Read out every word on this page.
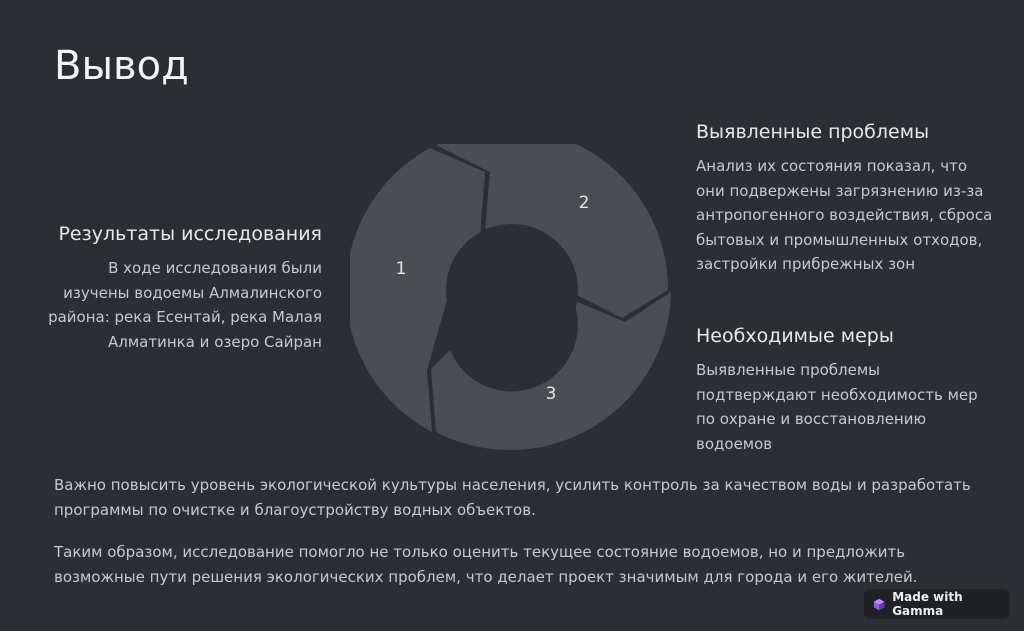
Вывод
Результаты исследования

В ходе исследования были изучены водоемы Алмалинского района: река Есентай, река Малая Алматинка и озеро Сайран

1
2
3
Выявленные проблемы

Анализ их состояния показал, что они подвержены загрязнению из-за антропогенного воздействия, сброса бытовых и промышленных отходов, застройки прибрежных зон

Необходимые меры

Выявленные проблемы подтверждают необходимость мер по охране и восстановлению водоемов

Важно повысить уровень экологической культуры населения, усилить контроль за качеством воды и разработать программы по очистке и благоустройству водных объектов.

Таким образом, исследование помогло не только оценить текущее состояние водоемов, но и предложить возможные пути решения экологических проблем, что делает проект значимым для города и его жителей.

Made with Gamma
